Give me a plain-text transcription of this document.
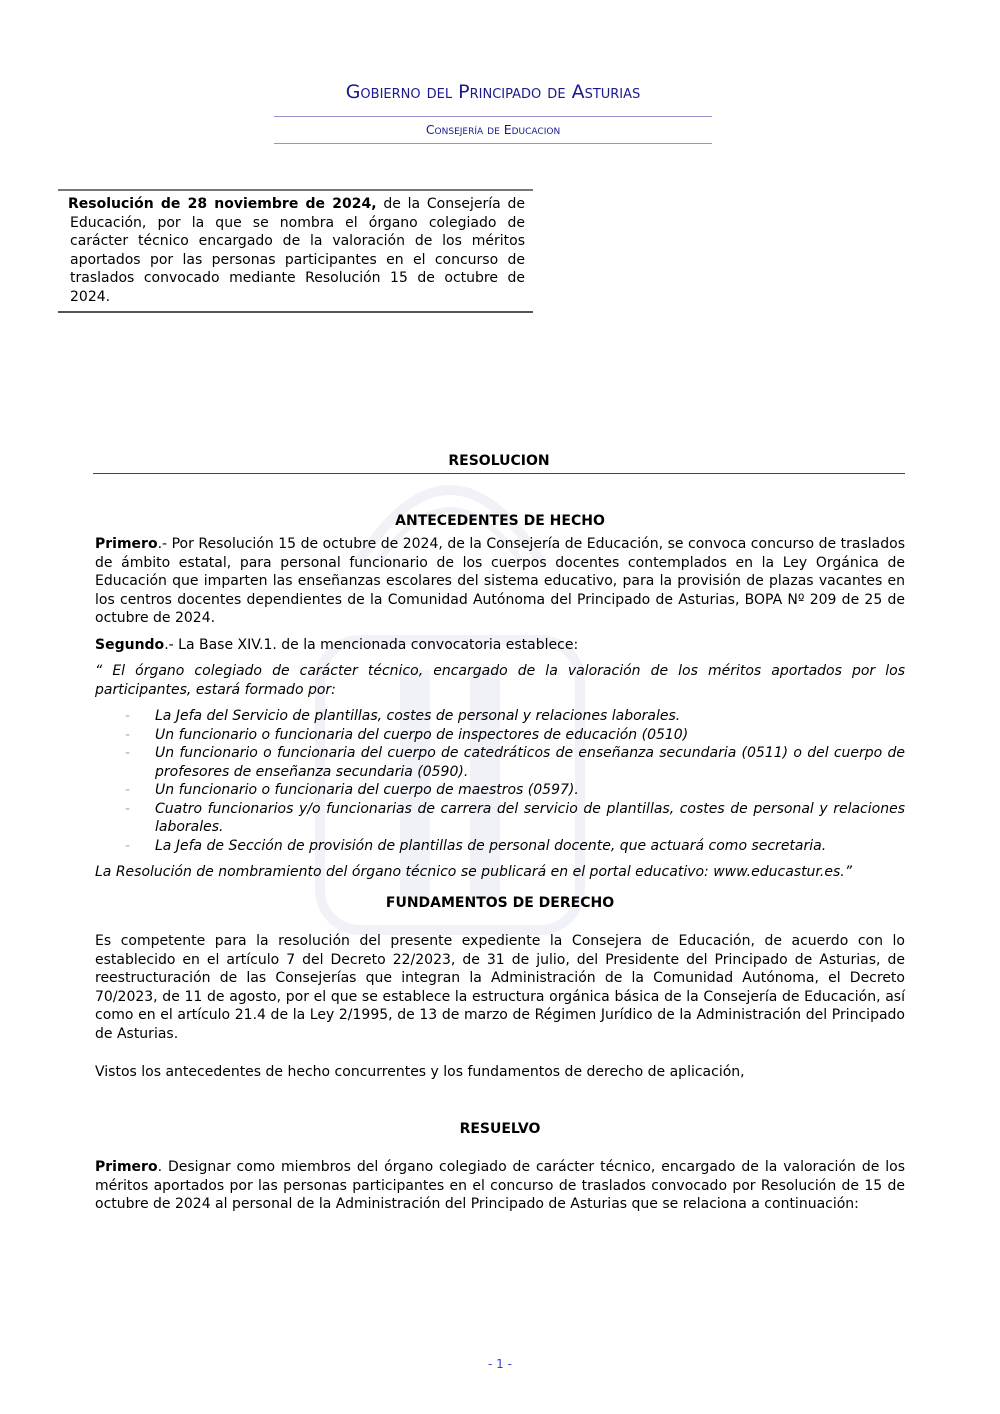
Gobierno del Principado de Asturias

Consejería de Educacion

Resolución de 28 noviembre de 2024, de la Consejería de Educación, por la que se nombra el órgano colegiado de carácter técnico encargado de la valoración de los méritos aportados por las personas participantes en el concurso de traslados convocado mediante Resolución 15 de octubre de 2024.

RESOLUCION

ANTECEDENTES DE HECHO

Primero.- Por Resolución 15 de octubre de 2024, de la Consejería de Educación, se convoca concurso de traslados de ámbito estatal, para personal funcionario de los cuerpos docentes contemplados en la Ley Orgánica de Educación que imparten las enseñanzas escolares del sistema educativo, para la provisión de plazas vacantes en los centros docentes dependientes de la Comunidad Autónoma del Principado de Asturias, BOPA Nº 209 de 25 de octubre de 2024.

Segundo.- La Base XIV.1. de la mencionada convocatoria establece:

“ El órgano colegiado de carácter técnico, encargado de la valoración de los méritos aportados por los participantes, estará formado por:

- La Jefa del Servicio de plantillas, costes de personal y relaciones laborales.
- Un funcionario o funcionaria del cuerpo de inspectores de educación (0510)
- Un funcionario o funcionaria del cuerpo de catedráticos de enseñanza secundaria (0511) o del cuerpo de profesores de enseñanza secundaria (0590).
- Un funcionario o funcionaria del cuerpo de maestros (0597).
- Cuatro funcionarios y/o funcionarias de carrera del servicio de plantillas, costes de personal y relaciones laborales.
- La Jefa de Sección de provisión de plantillas de personal docente, que actuará como secretaria.

La Resolución de nombramiento del órgano técnico se publicará en el portal educativo: www.educastur.es.”

FUNDAMENTOS DE DERECHO

Es competente para la resolución del presente expediente la Consejera de Educación, de acuerdo con lo establecido en el artículo 7 del Decreto 22/2023, de 31 de julio, del Presidente del Principado de Asturias, de reestructuración de las Consejerías que integran la Administración de la Comunidad Autónoma, el Decreto 70/2023, de 11 de agosto, por el que se establece la estructura orgánica básica de la Consejería de Educación, así como en el artículo 21.4 de la Ley 2/1995, de 13 de marzo de Régimen Jurídico de la Administración del Principado de Asturias.

Vistos los antecedentes de hecho concurrentes y los fundamentos de derecho de aplicación,

RESUELVO

Primero. Designar como miembros del órgano colegiado de carácter técnico, encargado de la valoración de los méritos aportados por las personas participantes en el concurso de traslados convocado por Resolución de 15 de octubre de 2024 al personal de la Administración del Principado de Asturias que se relaciona a continuación:

- 1 -
